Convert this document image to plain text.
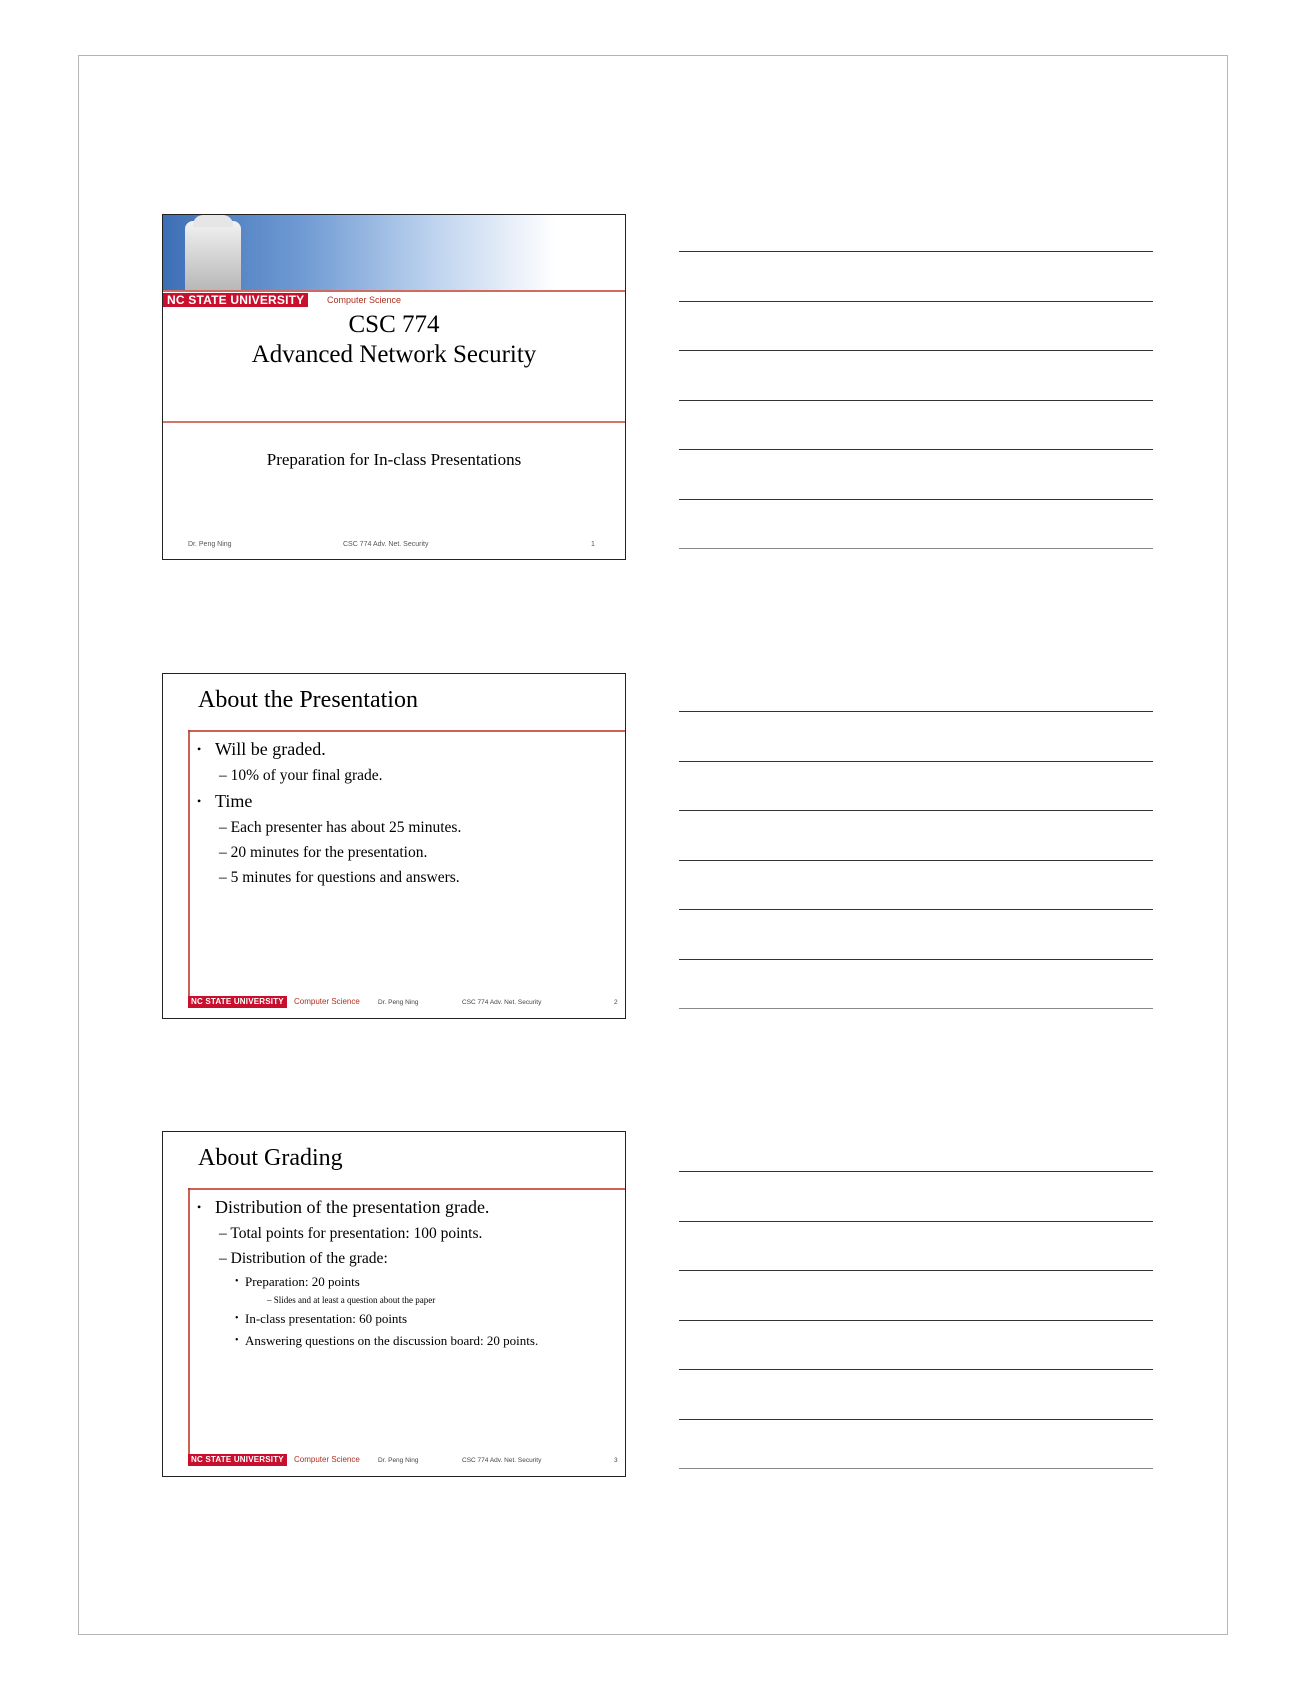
NC STATE UNIVERSITY	Computer Science
CSC 774
Advanced Network Security
Preparation for In-class Presentations
Dr. Peng Ning	CSC 774 Adv. Net. Security	1
About the Presentation
• Will be graded.
– 10% of your final grade.
• Time
– Each presenter has about 25 minutes.
– 20 minutes for the presentation.
– 5 minutes for questions and answers.
NC STATE UNIVERSITY	Computer Science	Dr. Peng Ning	CSC 774 Adv. Net. Security	2
About Grading
• Distribution of the presentation grade.
– Total points for presentation: 100 points.
– Distribution of the grade:
• Preparation: 20 points
– Slides and at least a question about the paper
• In-class presentation: 60 points
• Answering questions on the discussion board: 20 points.
NC STATE UNIVERSITY	Computer Science	Dr. Peng Ning	CSC 774 Adv. Net. Security	3
